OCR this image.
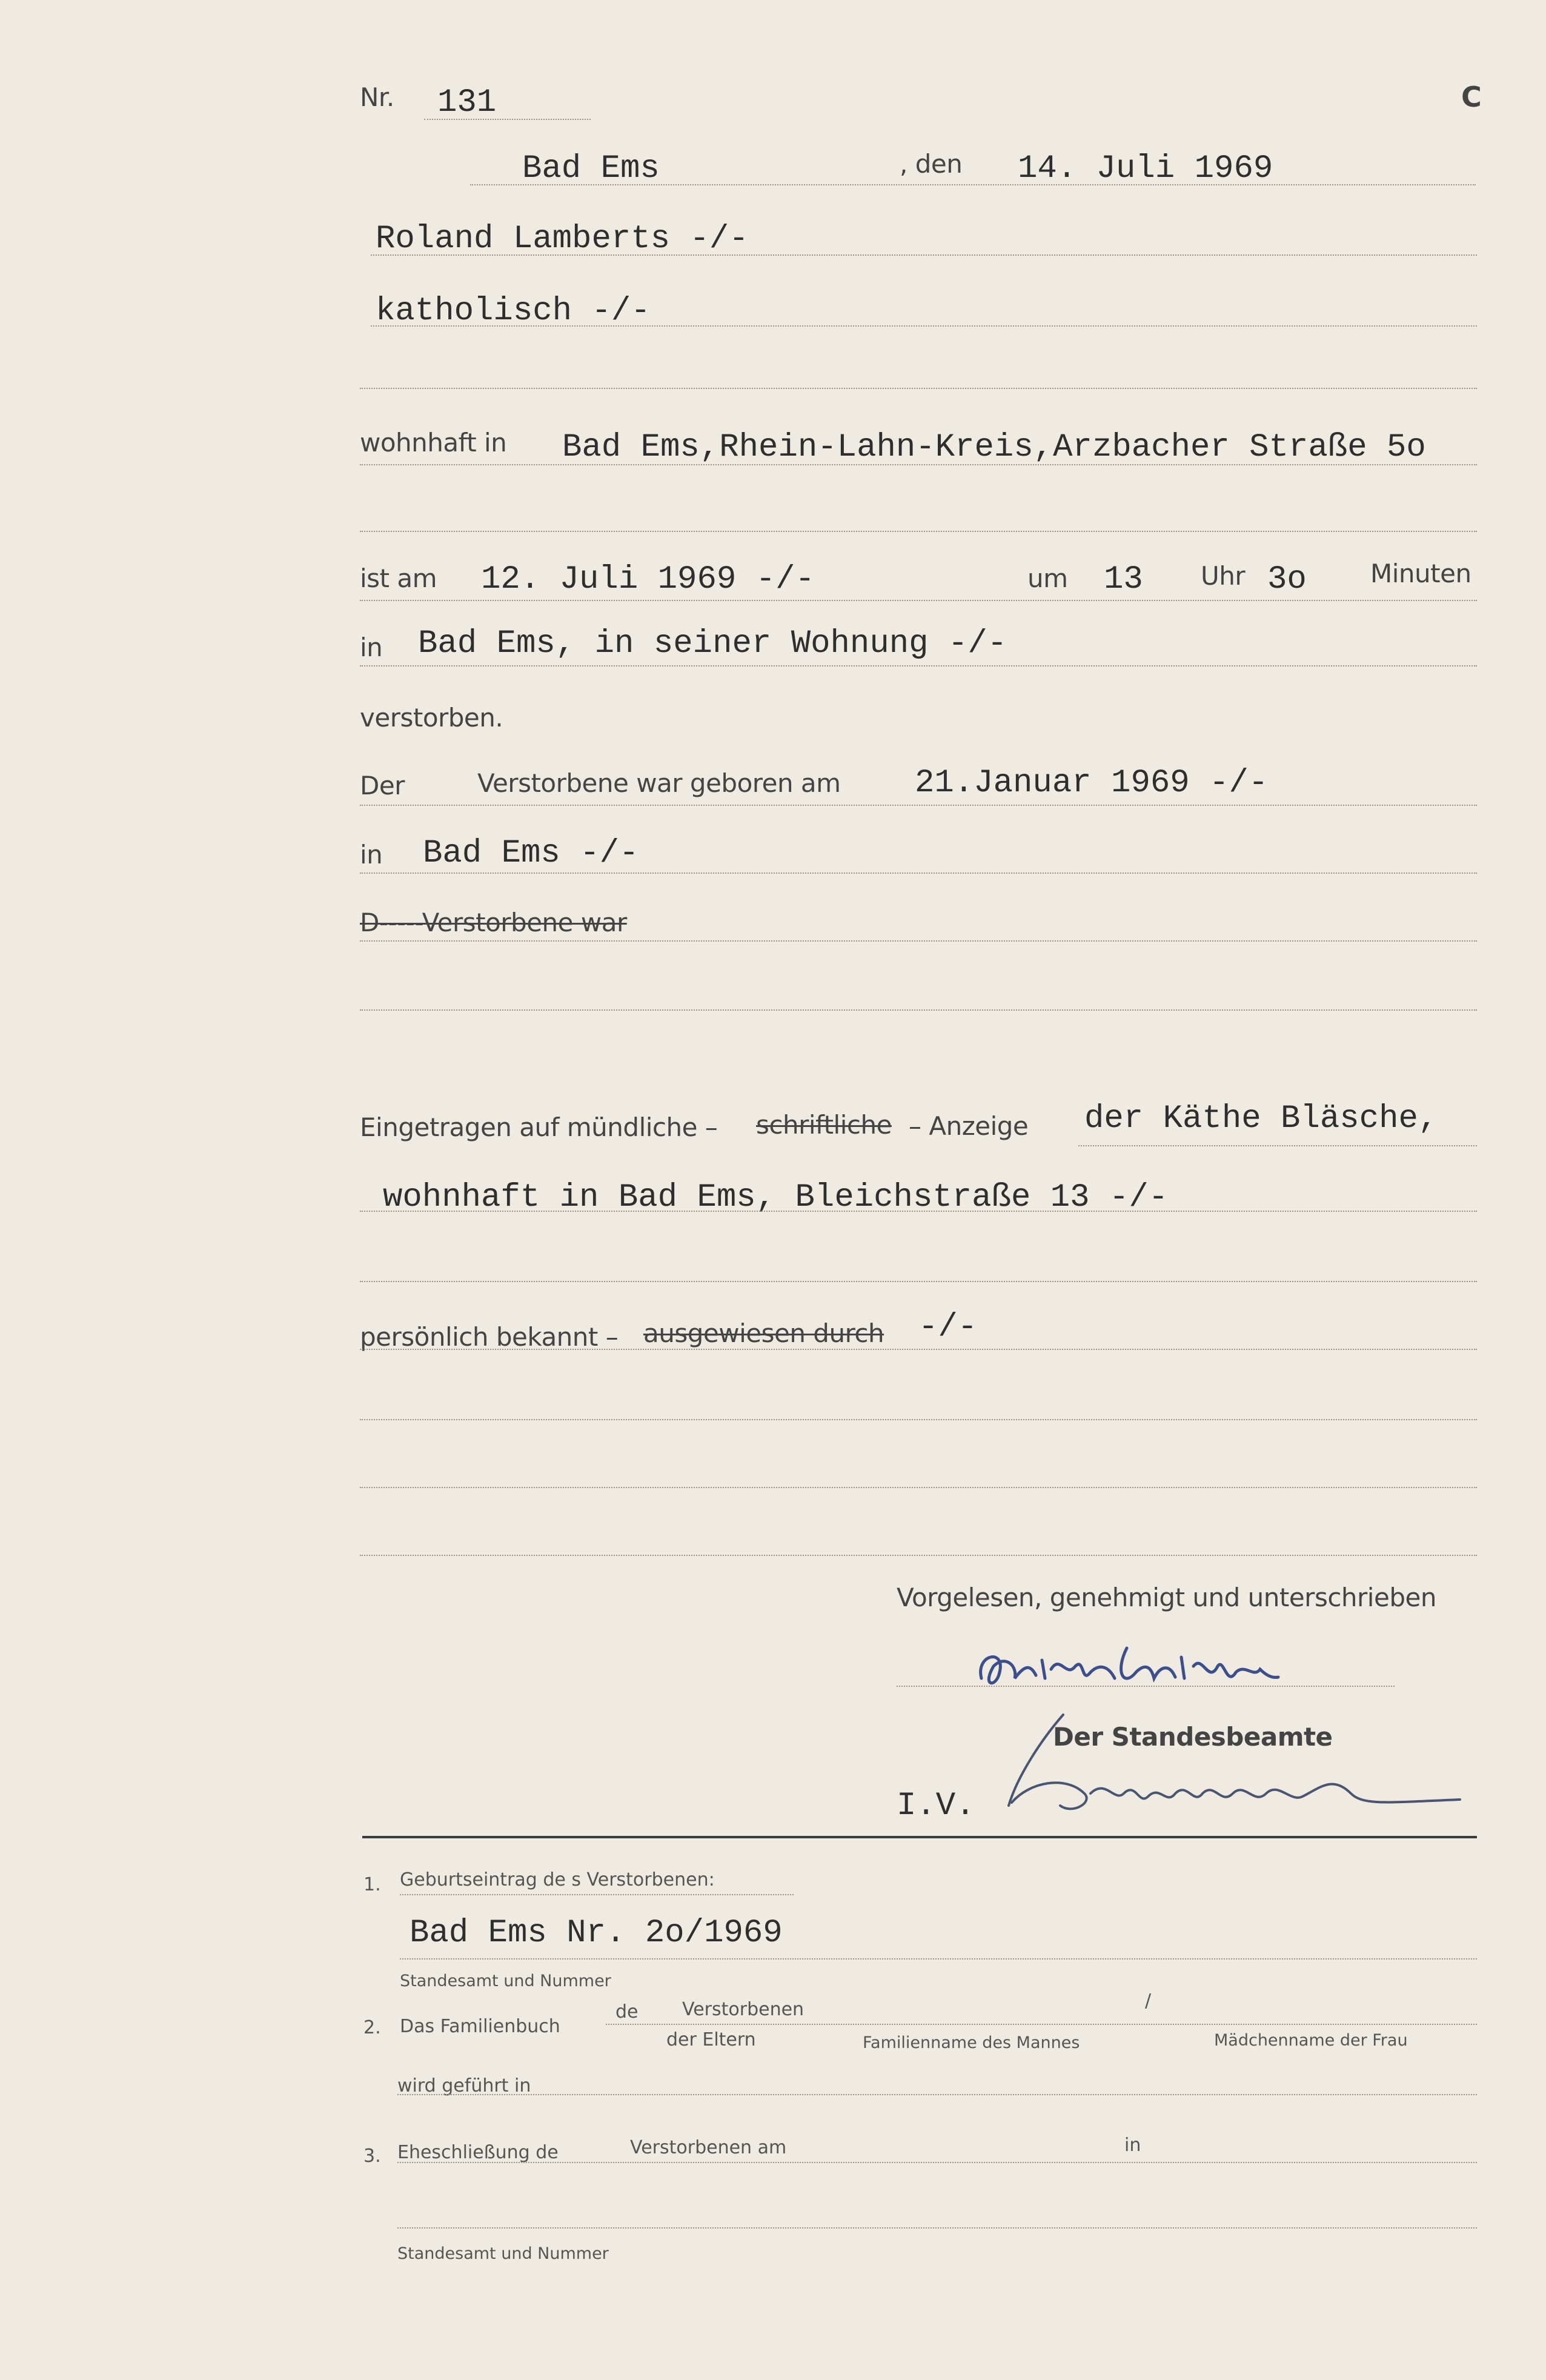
Nr. 131	C
Bad Ems	, den 14. Juli 1969
Roland Lamberts -/-
katholisch -/-
wohnhaft in Bad Ems,Rhein-Lahn-Kreis,Arzbacher Straße 5o
ist am 12. Juli 1969 -/-	um 13 Uhr 3o	Minuten
in Bad Ems, in seiner Wohnung -/-
verstorben.
Der	Verstorbene war geboren am 21.Januar 1969 -/-
in Bad Ems -/-
D-----Verstorbene war
Eingetragen auf mündliche – schriftliche – Anzeige der Käthe Bläsche,
wohnhaft in Bad Ems, Bleichstraße 13 -/-
persönlich bekannt – ausgewiesen durch -/-
Vorgelesen, genehmigt und unterschrieben
Der Standesbeamte
I.V.
1. Geburtseintrag de s Verstorbenen:
Bad Ems Nr. 2o/1969
Standesamt und Nummer
2. Das Familienbuch
de Verstorbenen
der Eltern
/
Familienname des Mannes	Mädchenname der Frau
wird geführt in
3. Eheschließung de	Verstorbenen am	in
Standesamt und Nummer
